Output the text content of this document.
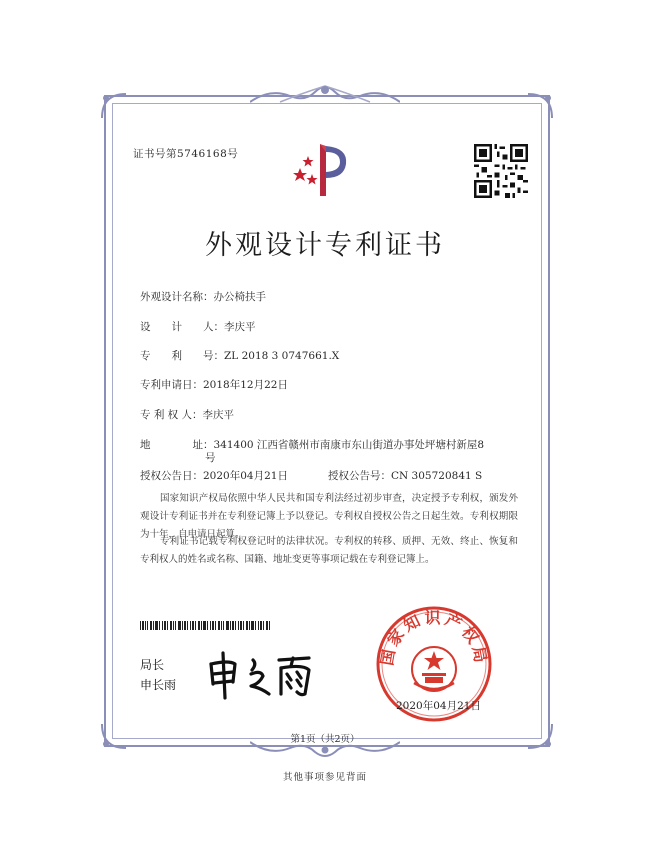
证书号第5746168号
外观设计专利证书
外观设计名称：办公椅扶手
设　　计　　人：李庆平
专　　利　　号：ZL 2018 3 0747661.X
专利申请日：2018年12月22日
专 利 权 人：李庆平
地　　　　址：341400 江西省赣州市南康市东山街道办事处坪塘村新屋8
号
授权公告日：2020年04月21日	授权公告号：CN 305720841 S
国家知识产权局依照中华人民共和国专利法经过初步审查，决定授予专利权，颁发外观设计专利证书并在专利登记簿上予以登记。专利权自授权公告之日起生效。专利权期限为十年，自申请日起算。
专利证书记载专利权登记时的法律状况。专利权的转移、质押、无效、终止、恢复和专利权人的姓名或名称、国籍、地址变更等事项记载在专利登记簿上。
局长
申长雨
国家知识产权局
2020年04月21日
第1页（共2页）
其他事项参见背面
